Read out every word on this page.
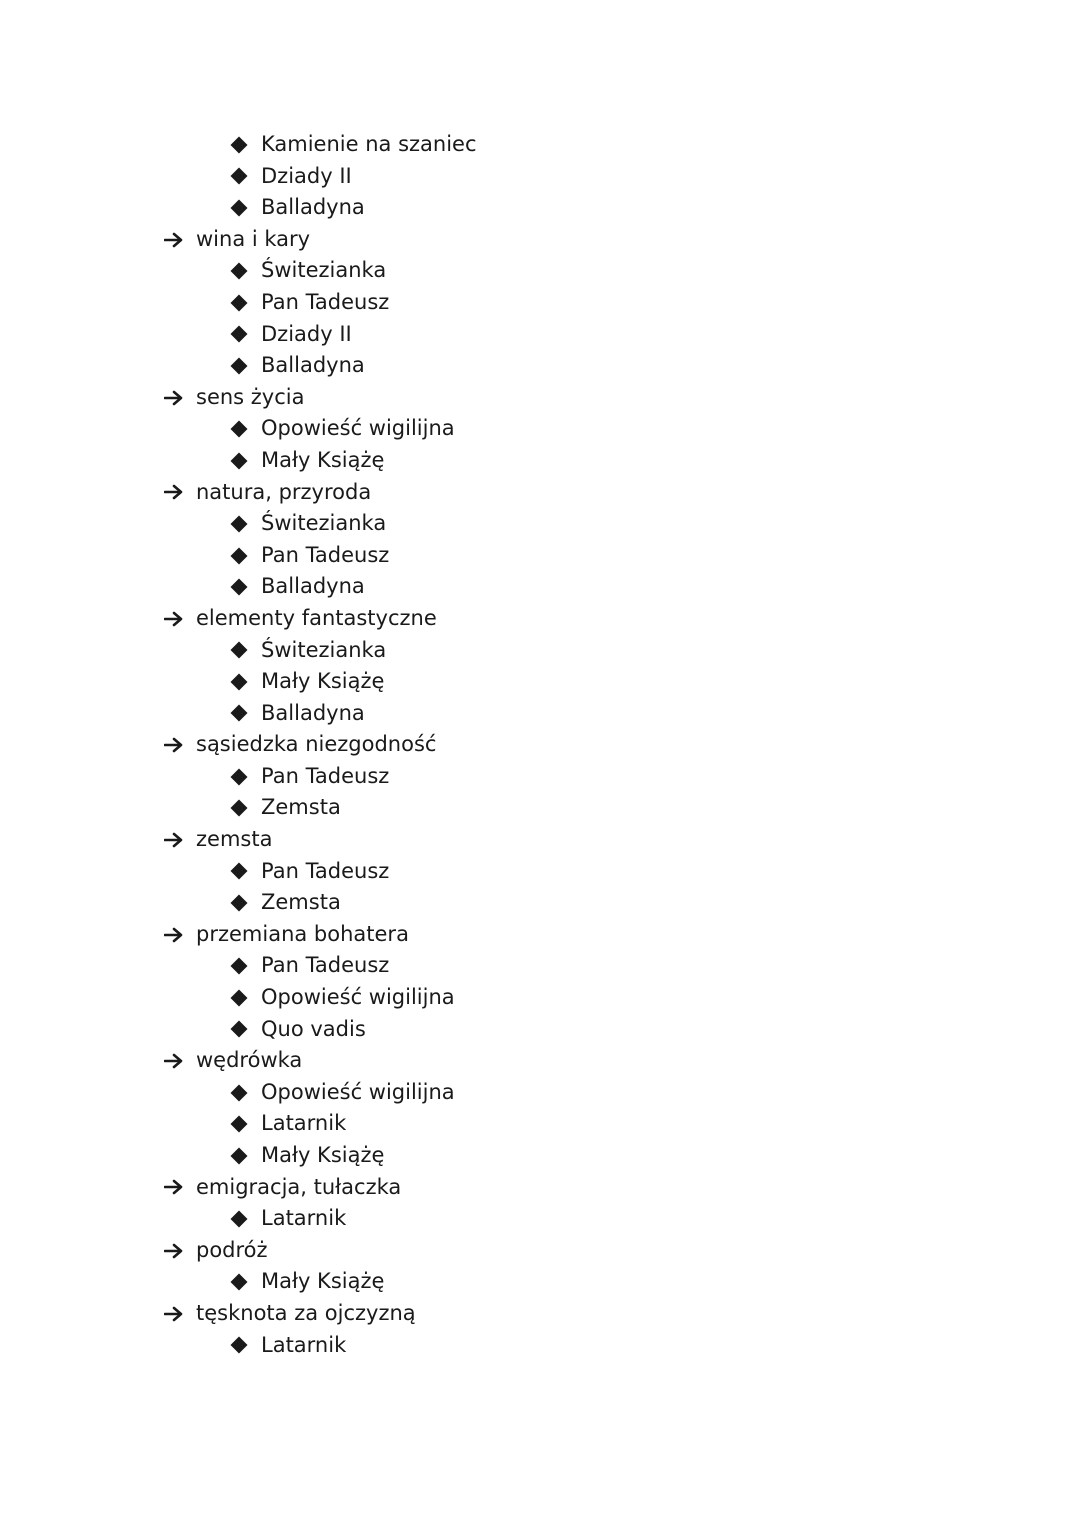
Kamienie na szaniec
Dziady II
Balladyna
wina i kary
Świtezianka
Pan Tadeusz
Dziady II
Balladyna
sens życia
Opowieść wigilijna
Mały Książę
natura, przyroda
Świtezianka
Pan Tadeusz
Balladyna
elementy fantastyczne
Świtezianka
Mały Książę
Balladyna
sąsiedzka niezgodność
Pan Tadeusz
Zemsta
zemsta
Pan Tadeusz
Zemsta
przemiana bohatera
Pan Tadeusz
Opowieść wigilijna
Quo vadis
wędrówka
Opowieść wigilijna
Latarnik
Mały Książę
emigracja, tułaczka
Latarnik
podróż
Mały Książę
tęsknota za ojczyzną
Latarnik
